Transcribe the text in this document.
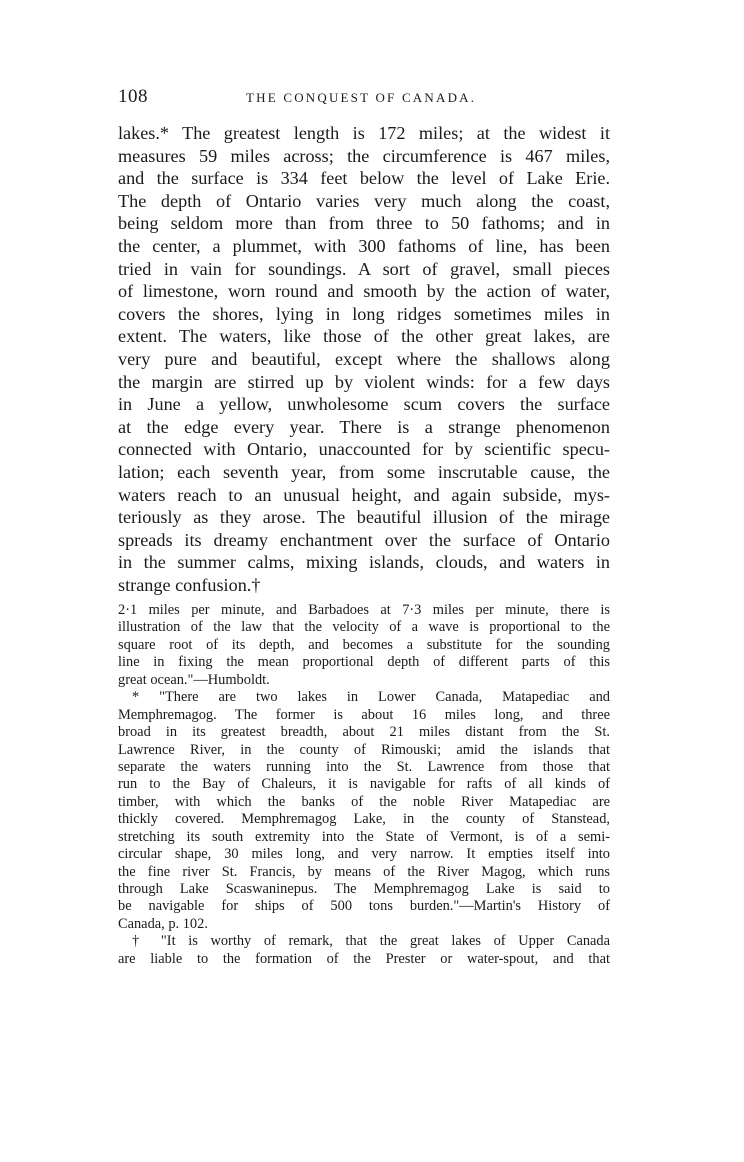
108	THE CONQUEST OF CANADA.
lakes.* The greatest length is 172 miles; at the widest it
measures 59 miles across; the circumference is 467 miles,
and the surface is 334 feet below the level of Lake Erie.
The depth of Ontario varies very much along the coast,
being seldom more than from three to 50 fathoms; and in
the center, a plummet, with 300 fathoms of line, has been
tried in vain for soundings. A sort of gravel, small pieces
of limestone, worn round and smooth by the action of water,
covers the shores, lying in long ridges sometimes miles in
extent. The waters, like those of the other great lakes, are
very pure and beautiful, except where the shallows along
the margin are stirred up by violent winds: for a few days
in June a yellow, unwholesome scum covers the surface
at the edge every year. There is a strange phenomenon
connected with Ontario, unaccounted for by scientific specu-
lation; each seventh year, from some inscrutable cause, the
waters reach to an unusual height, and again subside, mys-
teriously as they arose. The beautiful illusion of the mirage
spreads its dreamy enchantment over the surface of Ontario
in the summer calms, mixing islands, clouds, and waters in
strange confusion.†
2·1 miles per minute, and Barbadoes at 7·3 miles per minute, there is
illustration of the law that the velocity of a wave is proportional to the
square root of its depth, and becomes a substitute for the sounding
line in fixing the mean proportional depth of different parts of this
great ocean."—Humboldt.
* "There are two lakes in Lower Canada, Matapediac and
Memphremagog. The former is about 16 miles long, and three
broad in its greatest breadth, about 21 miles distant from the St.
Lawrence River, in the county of Rimouski; amid the islands that
separate the waters running into the St. Lawrence from those that
run to the Bay of Chaleurs, it is navigable for rafts of all kinds of
timber, with which the banks of the noble River Matapediac are
thickly covered. Memphremagog Lake, in the county of Stanstead,
stretching its south extremity into the State of Vermont, is of a semi-
circular shape, 30 miles long, and very narrow. It empties itself into
the fine river St. Francis, by means of the River Magog, which runs
through Lake Scaswaninepus. The Memphremagog Lake is said to
be navigable for ships of 500 tons burden."—Martin's History of
Canada, p. 102.
† "It is worthy of remark, that the great lakes of Upper Canada
are liable to the formation of the Prester or water-spout, and that
